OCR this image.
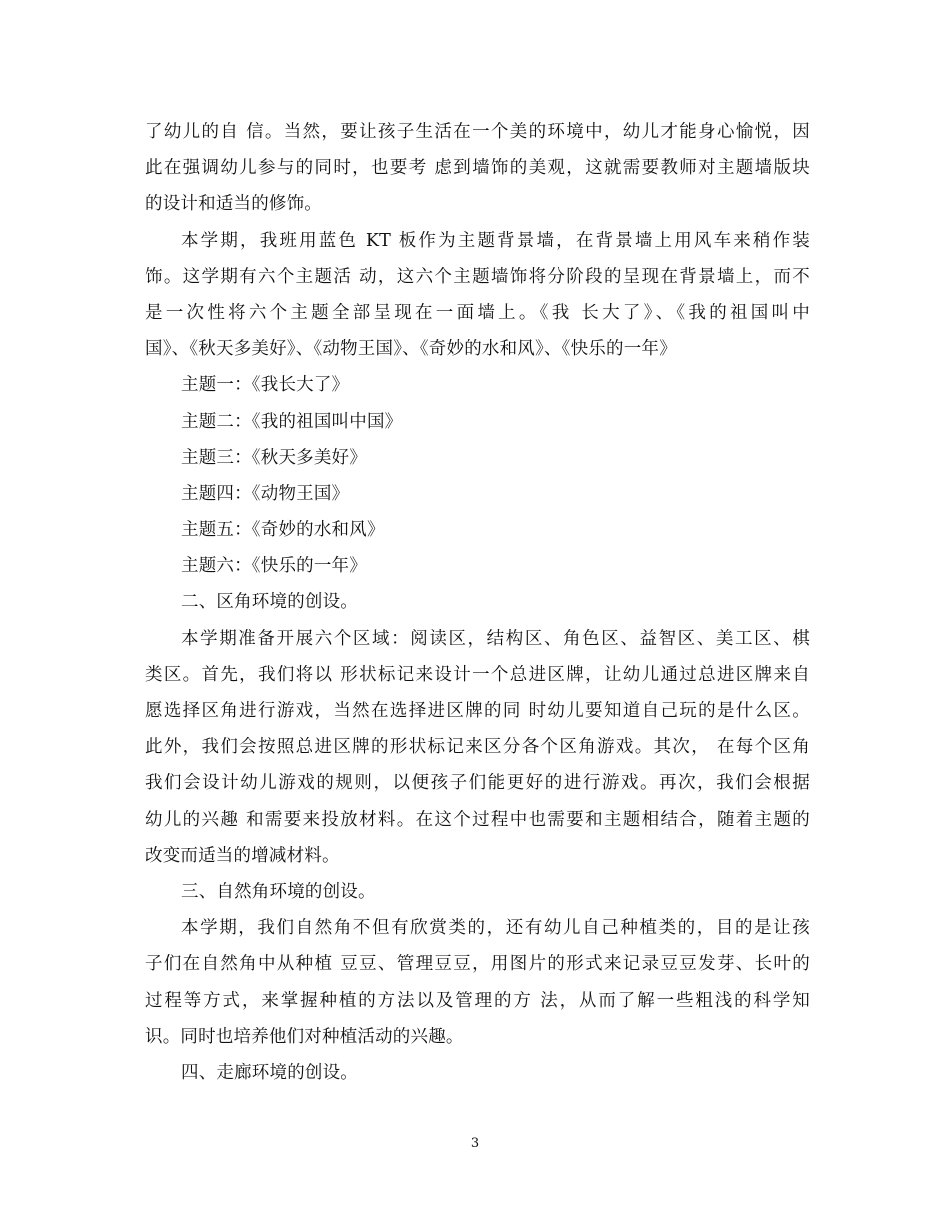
了幼儿的自 信。当然，要让孩子生活在一个美的环境中，幼儿才能身心愉悦，因
此在强调幼儿参与的同时，也要考 虑到墙饰的美观，这就需要教师对主题墙版块
的设计和适当的修饰。
本学期，我班用蓝色 KT 板作为主题背景墙，在背景墙上用风车来稍作装
饰。这学期有六个主题活 动，这六个主题墙饰将分阶段的呈现在背景墙上，而不
是一次性将六个主题全部呈现在一面墙上。《我 长大了》、《我的祖国叫中
国》、《秋天多美好》、《动物王国》、《奇妙的水和风》、《快乐的一年》
主题一：《我长大了》
主题二：《我的祖国叫中国》
主题三：《秋天多美好》
主题四：《动物王国》
主题五：《奇妙的水和风》
主题六：《快乐的一年》
二、区角环境的创设。
本学期准备开展六个区域：阅读区，结构区、角色区、益智区、美工区、棋
类区。首先，我们将以 形状标记来设计一个总进区牌，让幼儿通过总进区牌来自
愿选择区角进行游戏，当然在选择进区牌的同 时幼儿要知道自己玩的是什么区。
此外，我们会按照总进区牌的形状标记来区分各个区角游戏。其次， 在每个区角
我们会设计幼儿游戏的规则，以便孩子们能更好的进行游戏。再次，我们会根据
幼儿的兴趣 和需要来投放材料。在这个过程中也需要和主题相结合，随着主题的
改变而适当的增减材料。
三、自然角环境的创设。
本学期，我们自然角不但有欣赏类的，还有幼儿自己种植类的，目的是让孩
子们在自然角中从种植 豆豆、管理豆豆，用图片的形式来记录豆豆发芽、长叶的
过程等方式，来掌握种植的方法以及管理的方 法，从而了解一些粗浅的科学知
识。同时也培养他们对种植活动的兴趣。
四、走廊环境的创设。
3
